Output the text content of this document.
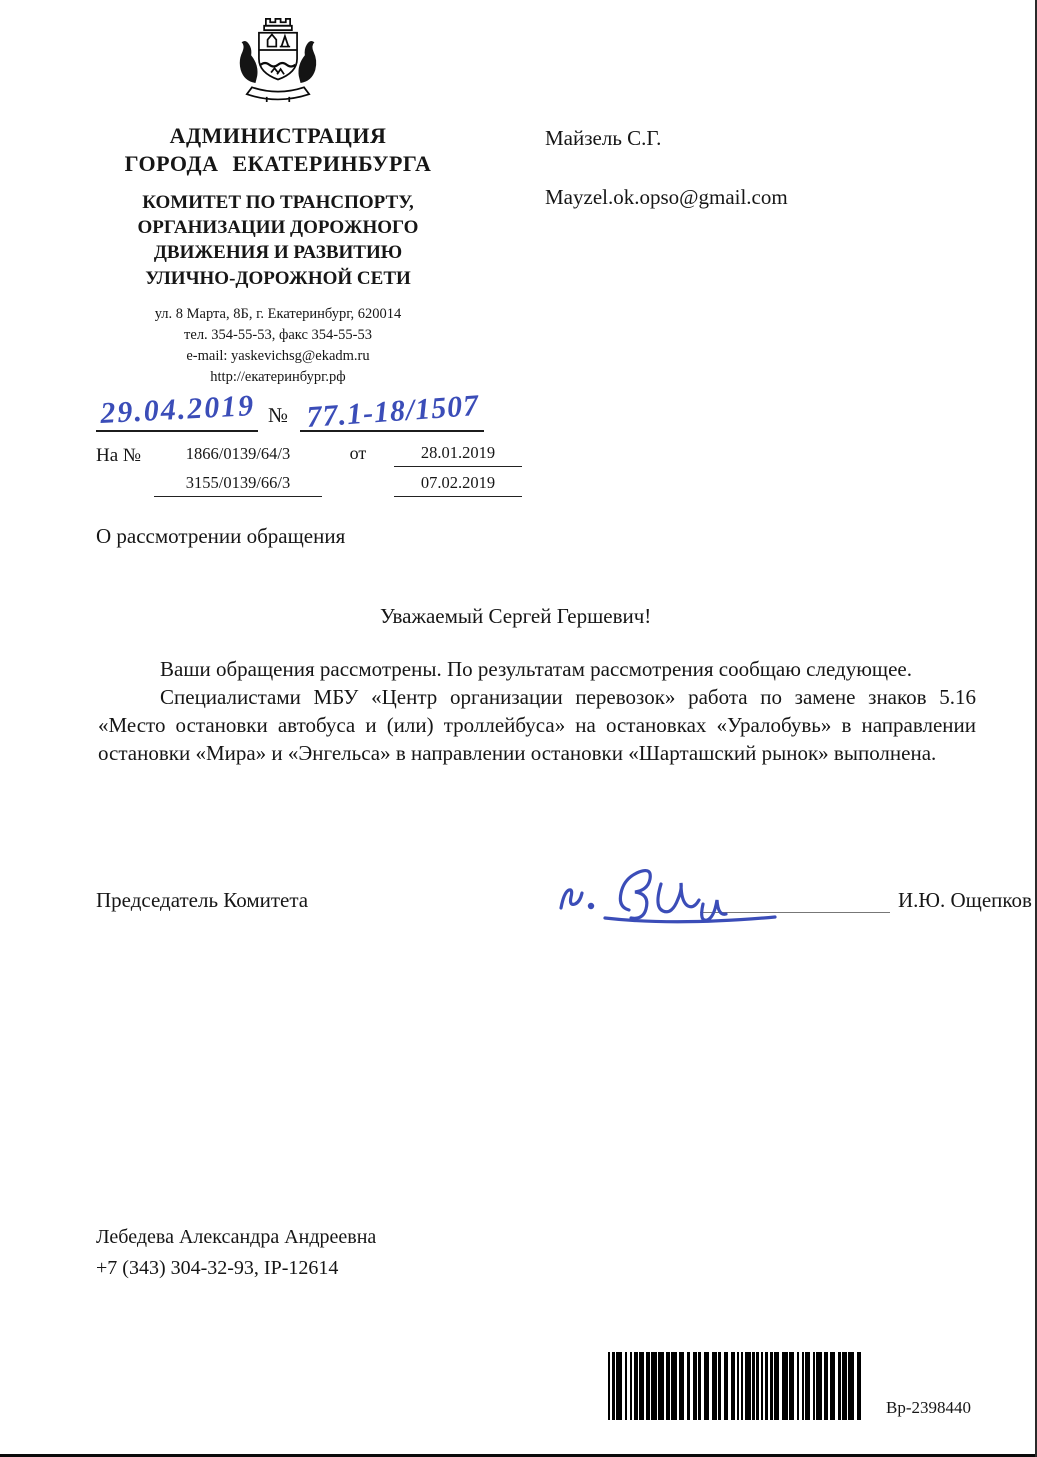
АДМИНИСТРАЦИЯ
ГОРОДА ЕКАТЕРИНБУРГА
КОМИТЕТ ПО ТРАНСПОРТУ,
ОРГАНИЗАЦИИ ДОРОЖНОГО
ДВИЖЕНИЯ И РАЗВИТИЮ
УЛИЧНО-ДОРОЖНОЙ СЕТИ
ул. 8 Марта, 8Б, г. Екатеринбург, 620014
тел. 354-55-53, факс 354-55-53
e-mail: yaskevichsg@ekadm.ru
http://екатеринбург.рф
Майзель С.Г.
Mayzel.ok.opso@gmail.com
29.04.2019 № 77.1-18/1507
На №	1866/0139/64/3	от	28.01.2019
3155/0139/66/3	07.02.2019
О рассмотрении обращения
Уважаемый Сергей Гершевич!

Ваши обращения рассмотрены. По результатам рассмотрения сообщаю следующее.

Специалистами МБУ «Центр организации перевозок» работа по замене знаков 5.16 «Место остановки автобуса и (или) троллейбуса» на остановках «Уралобувь» в направлении остановки «Мира» и «Энгельса» в направлении остановки «Шарташский рынок» выполнена.

Председатель Комитета	И.Ю. Ощепков
Лебедева Александра Андреевна
+7 (343) 304-32-93, IP-12614
Вр-2398440
